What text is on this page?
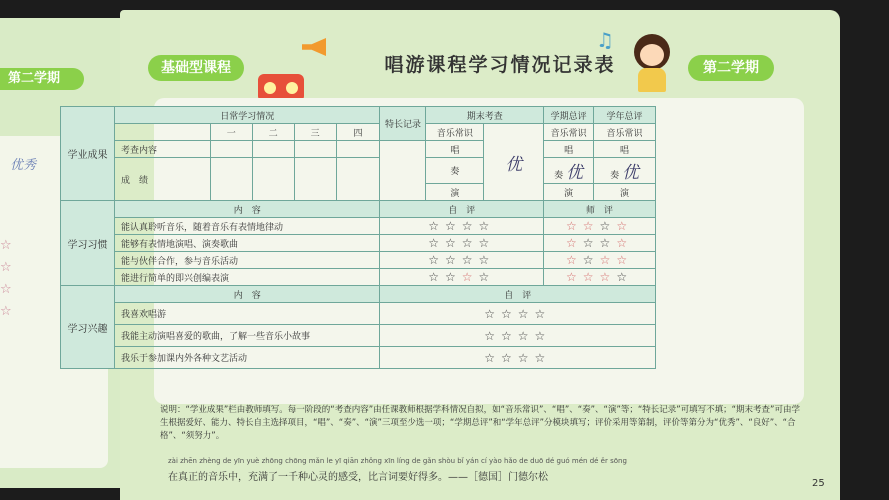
第二学期
优秀
☆
☆
☆
☆
基础型课程	唱游课程学习情况记录表
♫
第二学期
学业成果	日常学习情况					特长记录	期末考查		学期总评	学年总评
		一	二	三	四		音乐常识	优	音乐常识	音乐常识
	考查内容						唱		唱	唱
	成　绩						奏		奏 优	奏 优
							演		演	演
学习习惯	内　容					自　评			师　评	
	能认真聆听音乐，随着音乐有表情地律动					☆☆☆☆			☆☆☆☆	
	能够有表情地演唱、演奏歌曲					☆☆☆☆			☆☆☆☆	
	能与伙伴合作，参与音乐活动					☆☆☆☆			☆☆☆☆	
	能进行简单的即兴创编表演					☆☆☆☆			☆☆☆☆	
学习兴趣	内　容					自　评				
	我喜欢唱游					☆☆☆☆				
	我能主动演唱喜爱的歌曲，了解一些音乐小故事					☆☆☆☆				
	我乐于参加课内外各种文艺活动					☆☆☆☆				
说明：“学业成果”栏由教师填写。每一阶段的“考查内容”由任课教师根据学科情况自拟，如“音乐常识”、“唱”、“奏”、“演”等；“特长记录”可填写不填；“期末考查”可由学生根据爱好、能力、特长自主选择项目，“唱”、“奏”、“演”三项至少选一项；“学期总评”和“学年总评”分模块填写；评价采用等第制，评价等第分为“优秀”、“良好”、“合格”、“须努力”。
zài zhēn zhèng de yīn yuè zhōng chōng mǎn le yī qiān zhǒng xīn líng de gǎn shòu bǐ yán cí yào hǎo de duō dé guó mén dé ěr sōng
在真正的音乐中，充满了一千种心灵的感受，比言词要好得多。——［德国］门德尔松
25
